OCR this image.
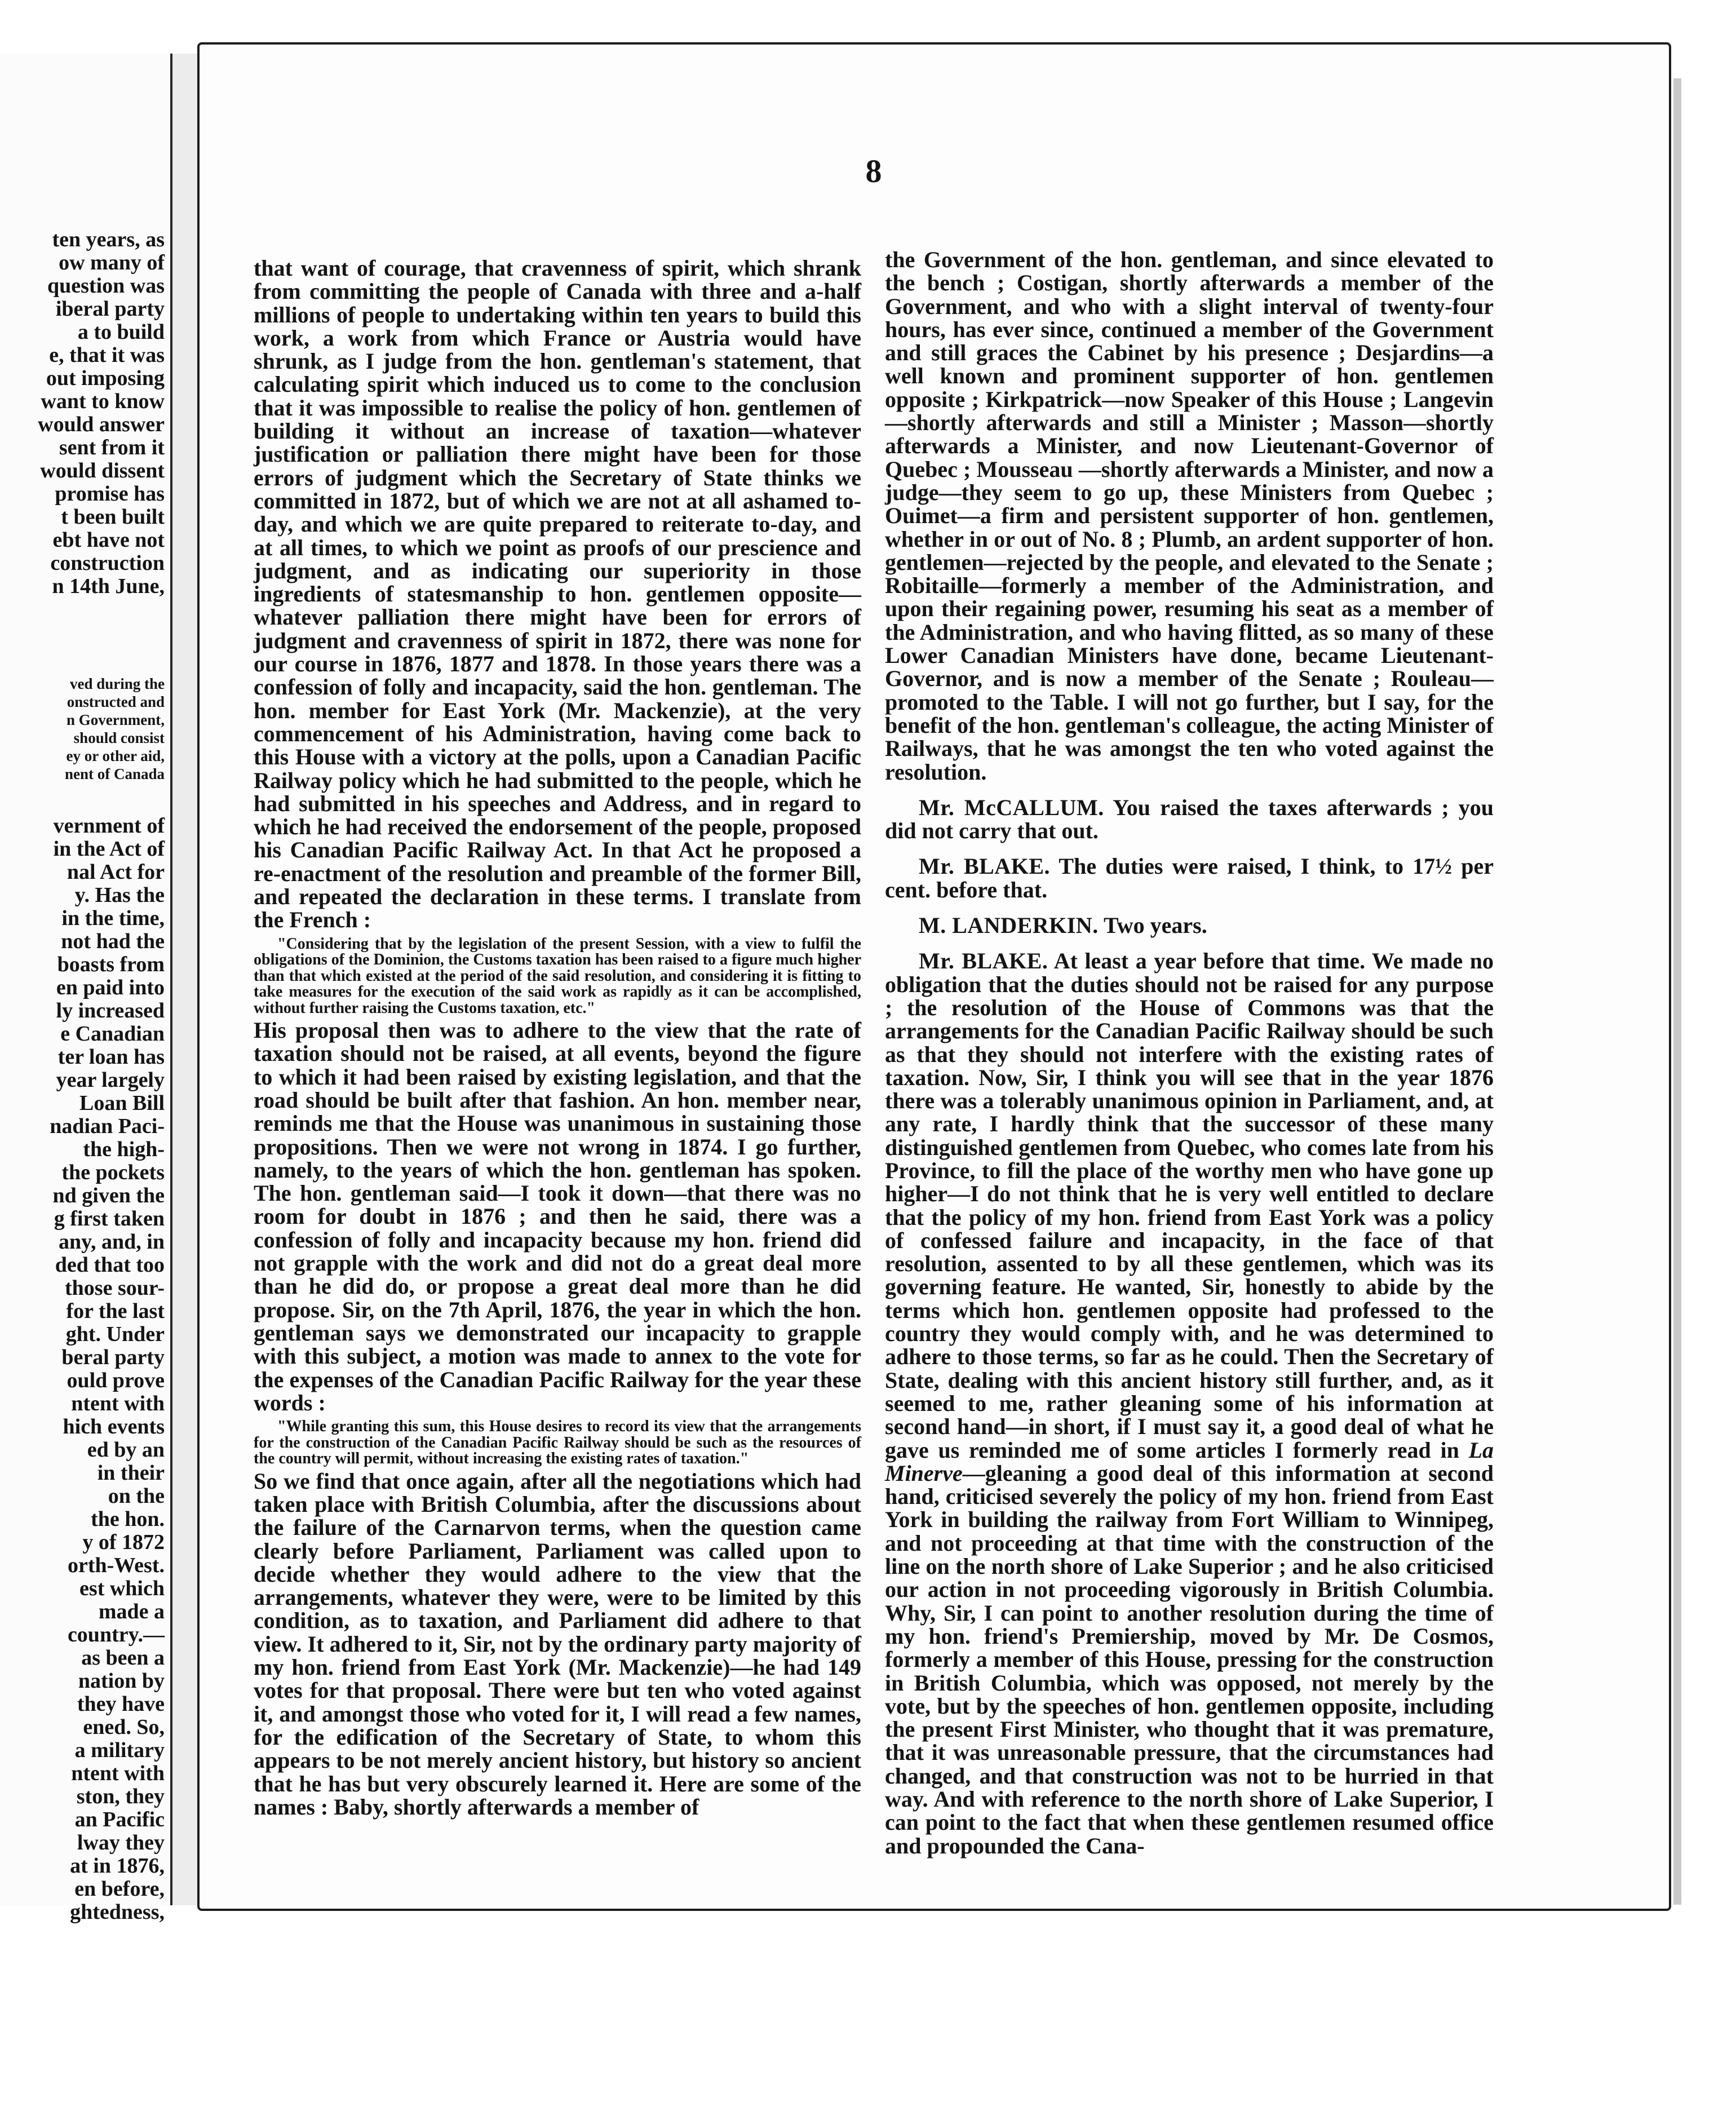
ten years, as
ow many of
question was
iberal party
a to build
e, that it was
out imposing
want to know
would answer
sent from it
would dissent
promise has
t been built
ebt have not
construction
n 14th June,
ved during the
onstructed and
n Government,
should consist
ey or other aid,
nent of Canada
vernment of
in the Act of
nal Act for
y. Has the
in the time,
not had the
boasts from
en paid into
ly increased
e Canadian
ter loan has
year largely
Loan Bill
nadian Paci-
the high-
the pockets
nd given the
g first taken
any, and, in
ded that too
those sour-
for the last
ght. Under
beral party
ould prove
ntent with
hich events
ed by an
in their
on the
the hon.
y of 1872
orth-West.
est which
made a
country.—
as been a
nation by
they have
ened. So,
a military
ntent with
ston, they
an Pacific
lway they
at in 1876,
en before,
ghtedness,
8

that want of courage, that cravenness of spirit, which shrank from committing the people of Canada with three and a-half millions of people to undertaking within ten years to build this work, a work from which France or Austria would have shrunk, as I judge from the hon. gentleman's statement, that calculating spirit which induced us to come to the conclusion that it was impossible to realise the policy of hon. gentlemen of building it without an increase of taxation—whatever justification or palliation there might have been for those errors of judgment which the Secretary of State thinks we committed in 1872, but of which we are not at all ashamed to-day, and which we are quite prepared to reiterate to-day, and at all times, to which we point as proofs of our prescience and judgment, and as indicating our superiority in those ingredients of statesmanship to hon. gentlemen opposite—whatever palliation there might have been for errors of judgment and cravenness of spirit in 1872, there was none for our course in 1876, 1877 and 1878. In those years there was a confession of folly and incapacity, said the hon. gentleman. The hon. member for East York (Mr. Mackenzie), at the very commencement of his Administration, having come back to this House with a victory at the polls, upon a Canadian Pacific Railway policy which he had submitted to the people, which he had submitted in his speeches and Address, and in regard to which he had received the endorsement of the people, proposed his Canadian Pacific Railway Act. In that Act he proposed a re-enactment of the resolution and preamble of the former Bill, and repeated the declaration in these terms. I translate from the French :

"Considering that by the legislation of the present Session, with a view to fulfil the obligations of the Dominion, the Customs taxation has been raised to a figure much higher than that which existed at the period of the said resolution, and considering it is fitting to take measures for the execution of the said work as rapidly as it can be accomplished, without further raising the Customs taxation, etc."

His proposal then was to adhere to the view that the rate of taxation should not be raised, at all events, beyond the figure to which it had been raised by existing legislation, and that the road should be built after that fashion. An hon. member near, reminds me that the House was unanimous in sustaining those propositions. Then we were not wrong in 1874. I go further, namely, to the years of which the hon. gentleman has spoken. The hon. gentleman said—I took it down—that there was no room for doubt in 1876 ; and then he said, there was a confession of folly and incapacity because my hon. friend did not grapple with the work and did not do a great deal more than he did do, or propose a great deal more than he did propose. Sir, on the 7th April, 1876, the year in which the hon. gentleman says we demonstrated our incapacity to grapple with this subject, a motion was made to annex to the vote for the expenses of the Canadian Pacific Railway for the year these words :

"While granting this sum, this House desires to record its view that the arrangements for the construction of the Canadian Pacific Railway should be such as the resources of the country will permit, without increasing the existing rates of taxation."

So we find that once again, after all the negotiations which had taken place with British Columbia, after the discussions about the failure of the Carnarvon terms, when the question came clearly before Parliament, Parliament was called upon to decide whether they would adhere to the view that the arrangements, whatever they were, were to be limited by this condition, as to taxation, and Parliament did adhere to that view. It adhered to it, Sir, not by the ordinary party majority of my hon. friend from East York (Mr. Mackenzie)—he had 149 votes for that proposal. There were but ten who voted against it, and amongst those who voted for it, I will read a few names, for the edification of the Secretary of State, to whom this appears to be not merely ancient history, but history so ancient that he has but very obscurely learned it. Here are some of the names : Baby, shortly afterwards a member of

the Government of the hon. gentleman, and since elevated to the bench ; Costigan, shortly afterwards a member of the Government, and who with a slight interval of twenty-four hours, has ever since, continued a member of the Government and still graces the Cabinet by his presence ; Desjardins—a well known and prominent supporter of hon. gentlemen opposite ; Kirkpatrick—now Speaker of this House ; Langevin—shortly afterwards and still a Minister ; Masson—shortly afterwards a Minister, and now Lieutenant-Governor of Quebec ; Mousseau —shortly afterwards a Minister, and now a judge—they seem to go up, these Ministers from Quebec ; Ouimet—a firm and persistent supporter of hon. gentlemen, whether in or out of No. 8 ; Plumb, an ardent supporter of hon. gentlemen—rejected by the people, and elevated to the Senate ; Robitaille—formerly a member of the Administration, and upon their regaining power, resuming his seat as a member of the Administration, and who having flitted, as so many of these Lower Canadian Ministers have done, became Lieutenant-Governor, and is now a member of the Senate ; Rouleau—promoted to the Table. I will not go further, but I say, for the benefit of the hon. gentleman's colleague, the acting Minister of Railways, that he was amongst the ten who voted against the resolution.

Mr. McCALLUM. You raised the taxes afterwards ; you did not carry that out.

Mr. BLAKE. The duties were raised, I think, to 17½ per cent. before that.

M. LANDERKIN. Two years.

Mr. BLAKE. At least a year before that time. We made no obligation that the duties should not be raised for any purpose ; the resolution of the House of Commons was that the arrangements for the Canadian Pacific Railway should be such as that they should not interfere with the existing rates of taxation. Now, Sir, I think you will see that in the year 1876 there was a tolerably unanimous opinion in Parliament, and, at any rate, I hardly think that the successor of these many distinguished gentlemen from Quebec, who comes late from his Province, to fill the place of the worthy men who have gone up higher—I do not think that he is very well entitled to declare that the policy of my hon. friend from East York was a policy of confessed failure and incapacity, in the face of that resolution, assented to by all these gentlemen, which was its governing feature. He wanted, Sir, honestly to abide by the terms which hon. gentlemen opposite had professed to the country they would comply with, and he was determined to adhere to those terms, so far as he could. Then the Secretary of State, dealing with this ancient history still further, and, as it seemed to me, rather gleaning some of his information at second hand—in short, if I must say it, a good deal of what he gave us reminded me of some articles I formerly read in La Minerve—gleaning a good deal of this information at second hand, criticised severely the policy of my hon. friend from East York in building the railway from Fort William to Winnipeg, and not proceeding at that time with the construction of the line on the north shore of Lake Superior ; and he also criticised our action in not proceeding vigorously in British Columbia. Why, Sir, I can point to another resolution during the time of my hon. friend's Premiership, moved by Mr. De Cosmos, formerly a member of this House, pressing for the construction in British Columbia, which was opposed, not merely by the vote, but by the speeches of hon. gentlemen opposite, including the present First Minister, who thought that it was premature, that it was unreasonable pressure, that the circumstances had changed, and that construction was not to be hurried in that way. And with reference to the north shore of Lake Superior, I can point to the fact that when these gentlemen resumed office and propounded the Cana-
